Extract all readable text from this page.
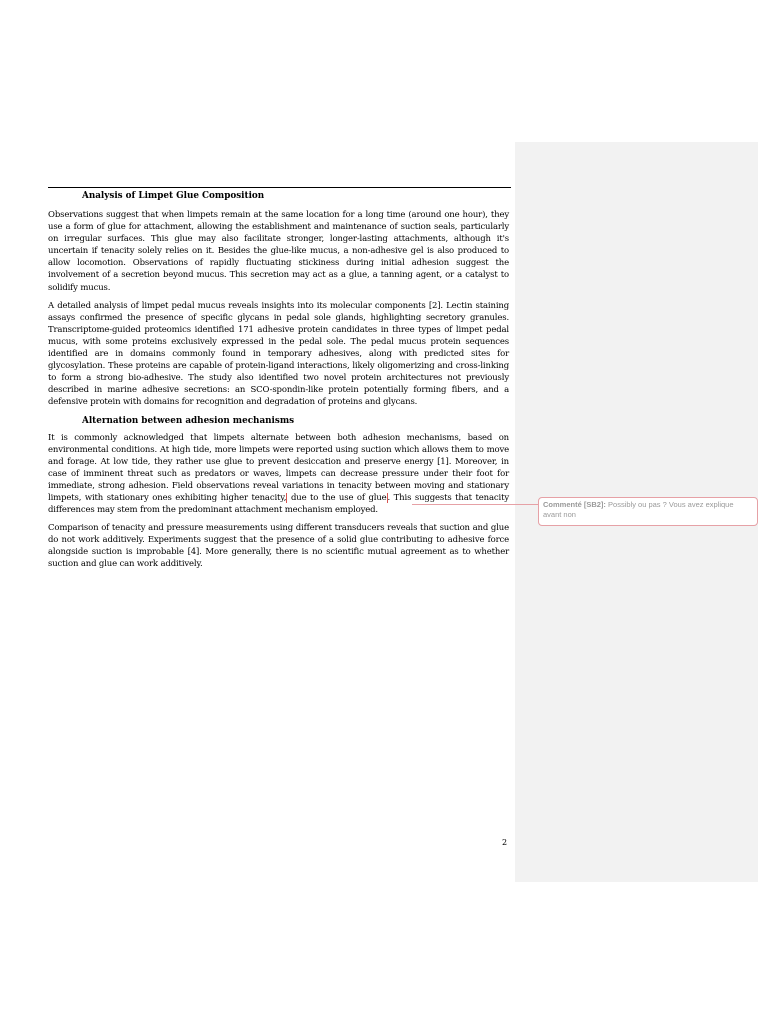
Analysis of Limpet Glue Composition

Observations suggest that when limpets remain at the same location for a long time (around one hour), they use a form of glue for attachment, allowing the establishment and maintenance of suction seals, particularly on irregular surfaces. This glue may also facilitate stronger, longer-lasting attachments, although it's uncertain if tenacity solely relies on it. Besides the glue-like mucus, a non-adhesive gel is also produced to allow locomotion. Observations of rapidly fluctuating stickiness during initial adhesion suggest the involvement of a secretion beyond mucus. This secretion may act as a glue, a tanning agent, or a catalyst to solidify mucus.

A detailed analysis of limpet pedal mucus reveals insights into its molecular components [2]. Lectin staining assays confirmed the presence of specific glycans in pedal sole glands, highlighting secretory granules. Transcriptome-guided proteomics identified 171 adhesive protein candidates in three types of limpet pedal mucus, with some proteins exclusively expressed in the pedal sole. The pedal mucus protein sequences identified are in domains commonly found in temporary adhesives, along with predicted sites for glycosylation. These proteins are capable of protein-ligand interactions, likely oligomerizing and cross-linking to form a strong bio-adhesive. The study also identified two novel protein architectures not previously described in marine adhesive secretions: an SCO-spondin-like protein potentially forming fibers, and a defensive protein with domains for recognition and degradation of proteins and glycans.

Alternation between adhesion mechanisms

It is commonly acknowledged that limpets alternate between both adhesion mechanisms, based on environmental conditions. At high tide, more limpets were reported using suction which allows them to move and forage. At low tide, they rather use glue to prevent desiccation and preserve energy [1]. Moreover, in case of imminent threat such as predators or waves, limpets can decrease pressure under their foot for immediate, strong adhesion. Field observations reveal variations in tenacity between moving and stationary limpets, with stationary ones exhibiting higher tenacity, due to the use of glue. This suggests that tenacity differences may stem from the predominant attachment mechanism employed.

Comparison of tenacity and pressure measurements using different transducers reveals that suction and glue do not work additively. Experiments suggest that the presence of a solid glue contributing to adhesive force alongside suction is improbable [4]. More generally, there is no scientific mutual agreement as to whether suction and glue can work additively.

Commenté [SB2]: Possibly ou pas ? Vous avez explique avant non
2
